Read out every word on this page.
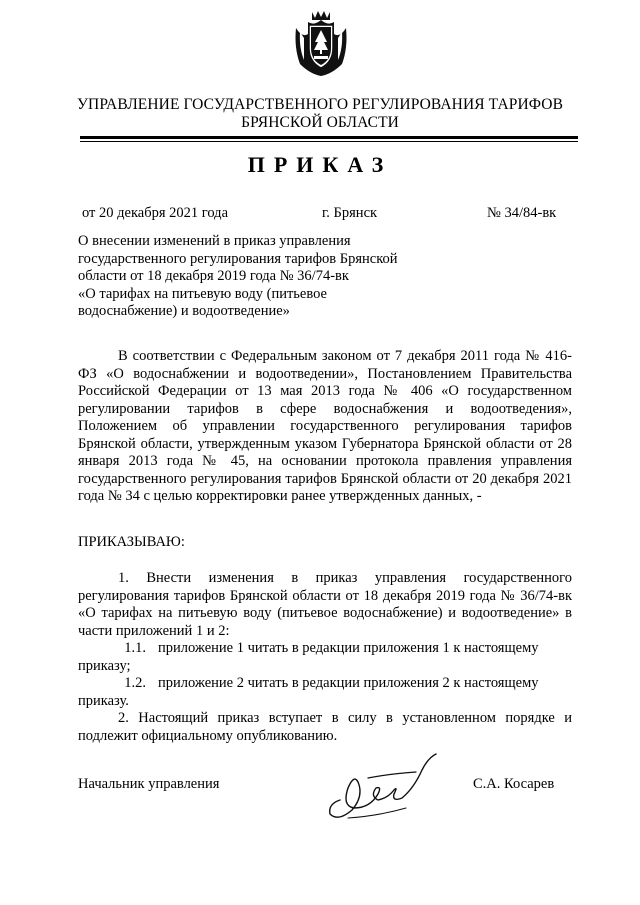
УПРАВЛЕНИЕ ГОСУДАРСТВЕННОГО РЕГУЛИРОВАНИЯ ТАРИФОВ
БРЯНСКОЙ ОБЛАСТИ
ПРИКАЗ
от 20 декабря 2021 года	г. Брянск	№ 34/84-вк
О внесении изменений в приказ управления
государственного регулирования тарифов Брянской
области от 18 декабря 2019 года № 36/74-вк
«О тарифах на питьевую воду (питьевое
водоснабжение) и водоотведение»
В соответствии с Федеральным законом от 7 декабря 2011 года № 416-ФЗ «О водоснабжении и водоотведении», Постановлением Правительства Российской Федерации от 13 мая 2013 года № 406 «О государственном регулировании тарифов в сфере водоснабжения и водоотведения», Положением об управлении государственного регулирования тарифов Брянской области, утвержденным указом Губернатора Брянской области от 28 января 2013 года № 45, на основании протокола правления управления государственного регулирования тарифов Брянской области от 20 декабря 2021 года № 34 с целью корректировки ранее утвержденных данных, -
ПРИКАЗЫВАЮ:
1. Внести изменения в приказ управления государственного регулирования тарифов Брянской области от 18 декабря 2019 года № 36/74-вк «О тарифах на питьевую воду (питьевое водоснабжение) и водоотведение» в части приложений 1 и 2:
1.1. приложение 1 читать в редакции приложения 1 к настоящему
приказу;
1.2. приложение 2 читать в редакции приложения 2 к настоящему
приказу.
2. Настоящий приказ вступает в силу в установленном порядке и подлежит официальному опубликованию.
Начальник управления	С.А. Косарев
